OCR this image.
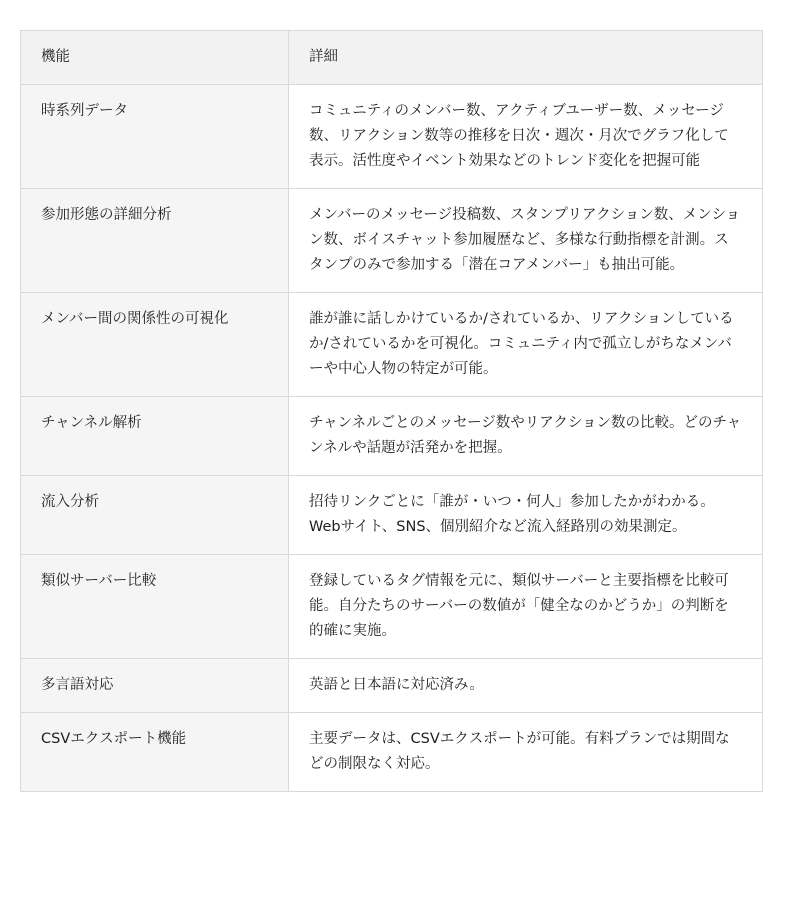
機能	詳細
時系列データ	コミュニティのメンバー数、アクティブユーザー数、メッセージ数、リアクション数等の推移を日次・週次・月次でグラフ化して表示。活性度やイベント効果などのトレンド変化を把握可能
参加形態の詳細分析	メンバーのメッセージ投稿数、スタンプリアクション数、メンション数、ボイスチャット参加履歴など、多様な行動指標を計測。スタンプのみで参加する「潜在コアメンバー」も抽出可能。
メンバー間の関係性の可視化	誰が誰に話しかけているか/されているか、リアクションしているか/されているかを可視化。コミュニティ内で孤立しがちなメンバーや中心人物の特定が可能。
チャンネル解析	チャンネルごとのメッセージ数やリアクション数の比較。どのチャンネルや話題が活発かを把握。
流入分析	招待リンクごとに「誰が・いつ・何人」参加したかがわかる。Webサイト、SNS、個別紹介など流入経路別の効果測定。
類似サーバー比較	登録しているタグ情報を元に、類似サーバーと主要指標を比較可能。自分たちのサーバーの数値が「健全なのかどうか」の判断を的確に実施。
多言語対応	英語と日本語に対応済み。
CSVエクスポート機能	主要データは、CSVエクスポートが可能。有料プランでは期間などの制限なく対応。
